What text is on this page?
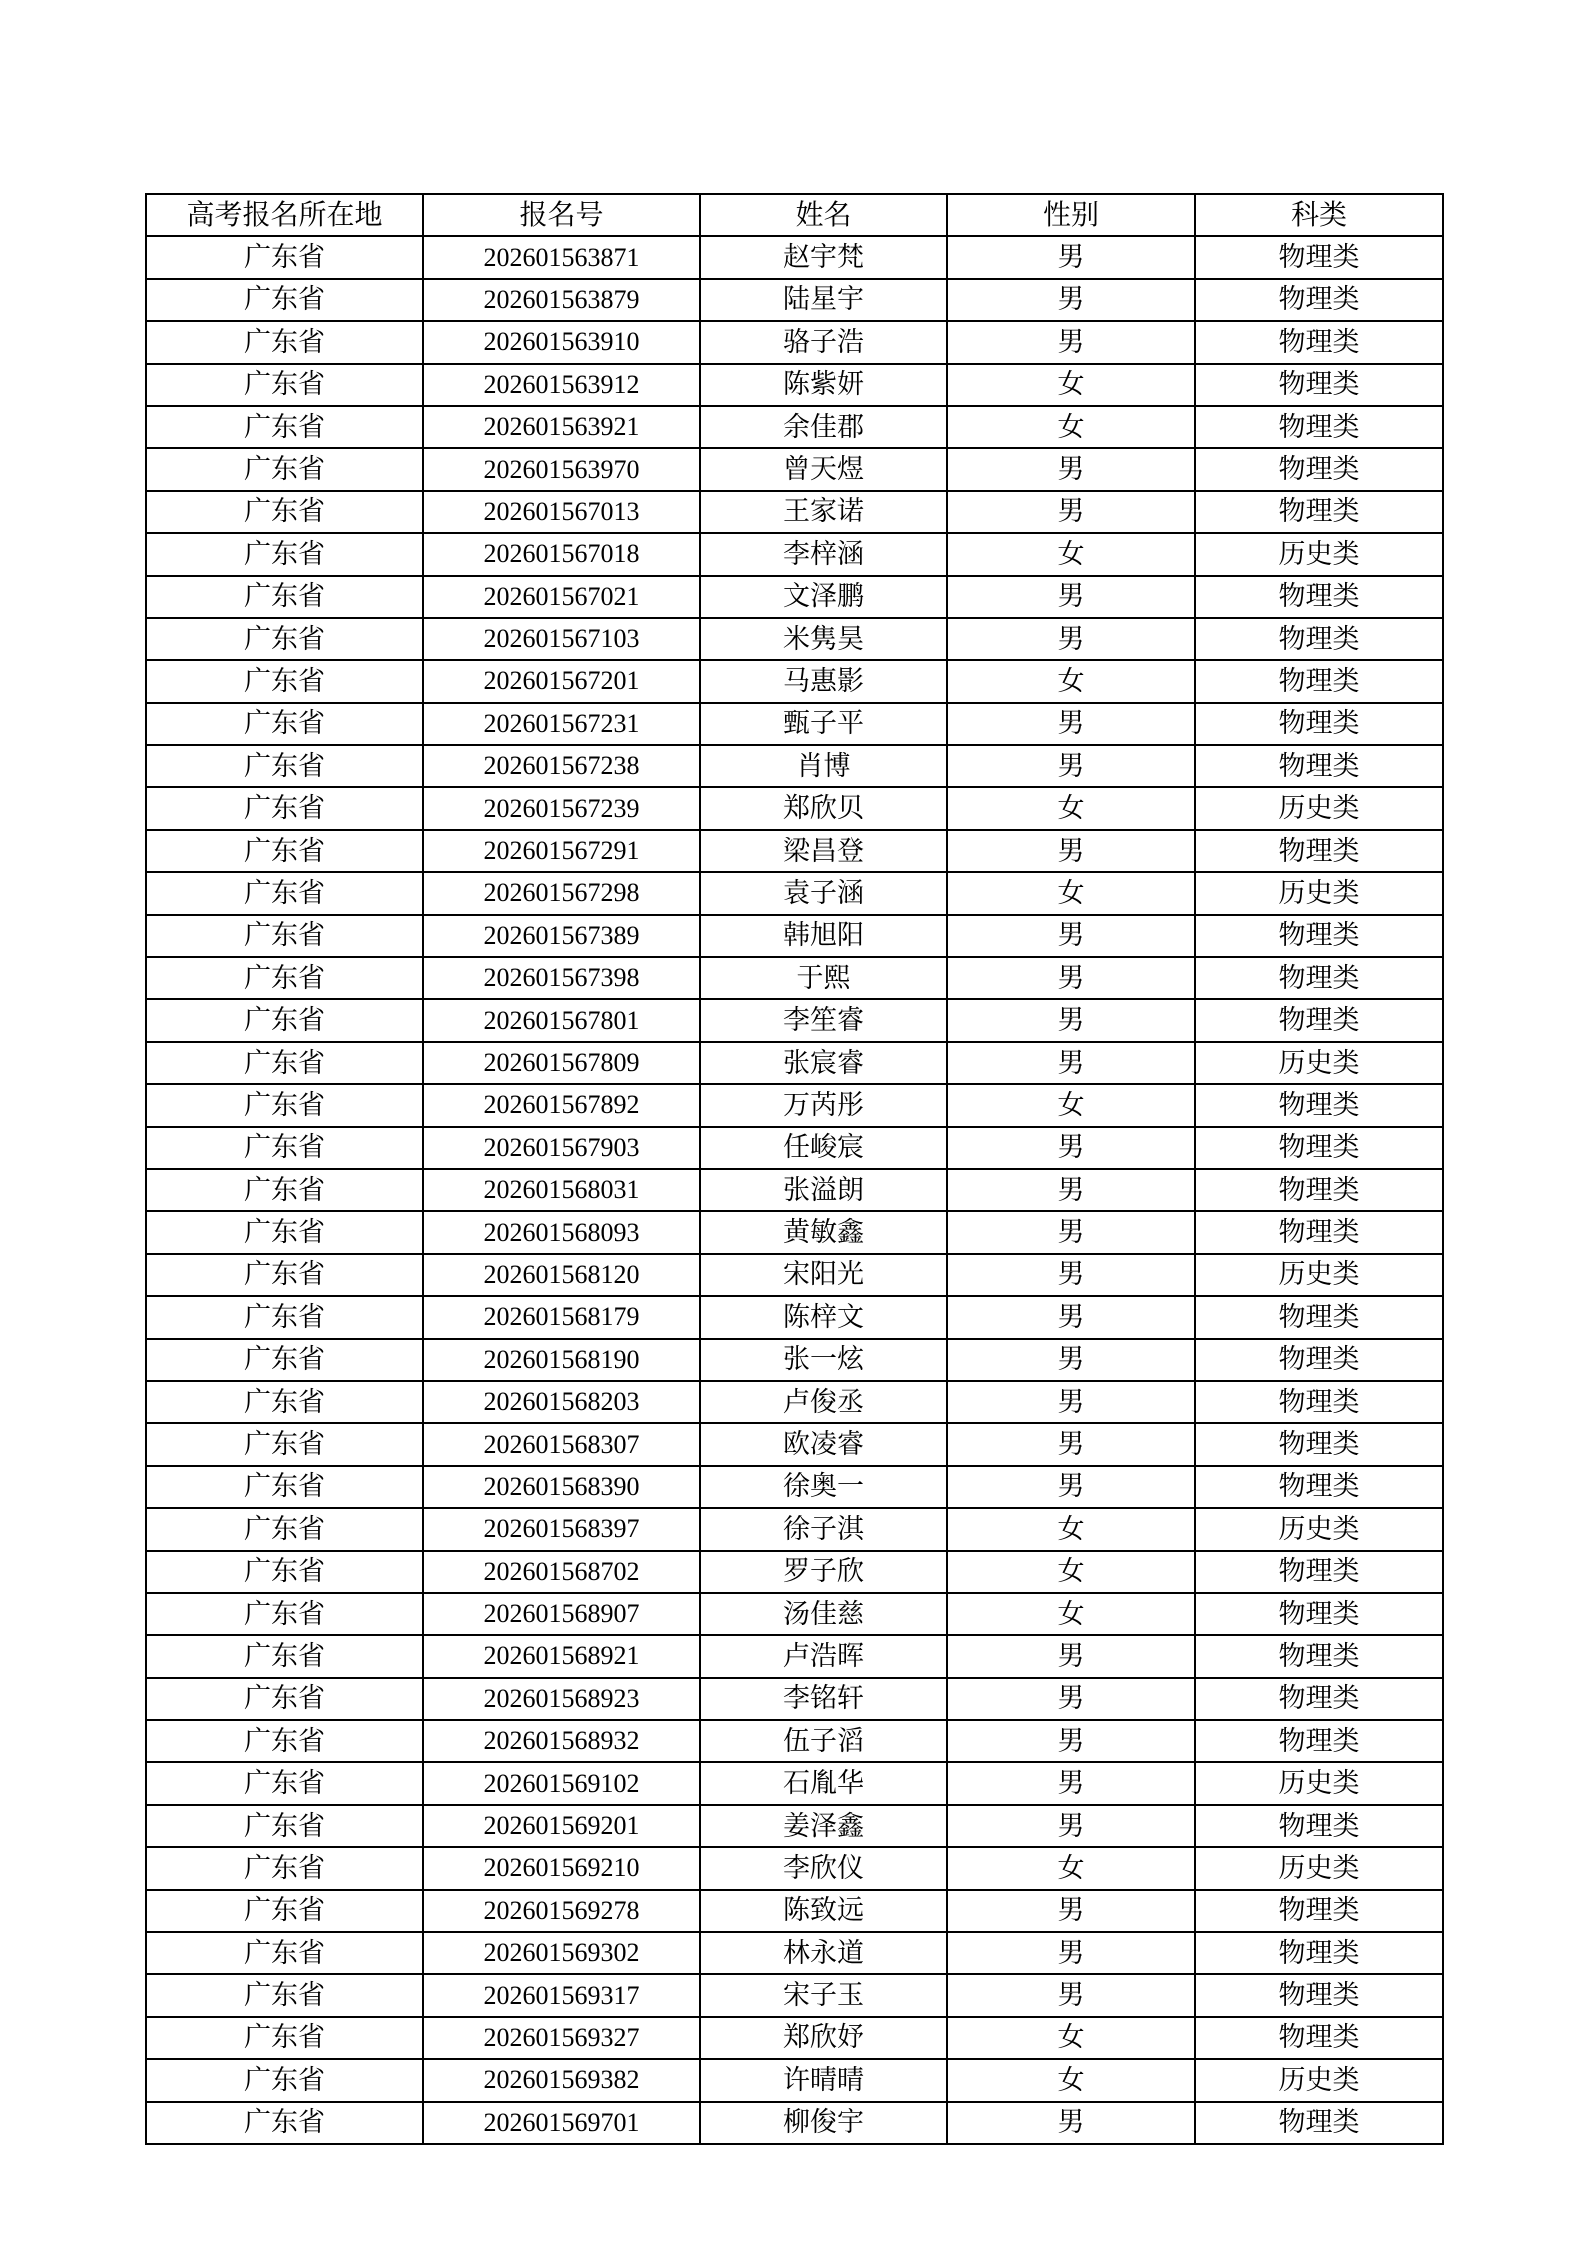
高考报名所在地	报名号	姓名	性别	科类
广东省	202601563871	赵宇梵	男	物理类
广东省	202601563879	陆星宇	男	物理类
广东省	202601563910	骆子浩	男	物理类
广东省	202601563912	陈紫妍	女	物理类
广东省	202601563921	余佳郡	女	物理类
广东省	202601563970	曾天煜	男	物理类
广东省	202601567013	王家诺	男	物理类
广东省	202601567018	李梓涵	女	历史类
广东省	202601567021	文泽鹏	男	物理类
广东省	202601567103	米隽昊	男	物理类
广东省	202601567201	马惠影	女	物理类
广东省	202601567231	甄子平	男	物理类
广东省	202601567238	肖博	男	物理类
广东省	202601567239	郑欣贝	女	历史类
广东省	202601567291	梁昌登	男	物理类
广东省	202601567298	袁子涵	女	历史类
广东省	202601567389	韩旭阳	男	物理类
广东省	202601567398	于熙	男	物理类
广东省	202601567801	李笙睿	男	物理类
广东省	202601567809	张宸睿	男	历史类
广东省	202601567892	万芮彤	女	物理类
广东省	202601567903	任峻宸	男	物理类
广东省	202601568031	张溢朗	男	物理类
广东省	202601568093	黄敏鑫	男	物理类
广东省	202601568120	宋阳光	男	历史类
广东省	202601568179	陈梓文	男	物理类
广东省	202601568190	张一炫	男	物理类
广东省	202601568203	卢俊丞	男	物理类
广东省	202601568307	欧凌睿	男	物理类
广东省	202601568390	徐奥一	男	物理类
广东省	202601568397	徐子淇	女	历史类
广东省	202601568702	罗子欣	女	物理类
广东省	202601568907	汤佳慈	女	物理类
广东省	202601568921	卢浩晖	男	物理类
广东省	202601568923	李铭轩	男	物理类
广东省	202601568932	伍子滔	男	物理类
广东省	202601569102	石胤华	男	历史类
广东省	202601569201	姜泽鑫	男	物理类
广东省	202601569210	李欣仪	女	历史类
广东省	202601569278	陈致远	男	物理类
广东省	202601569302	林永道	男	物理类
广东省	202601569317	宋子玉	男	物理类
广东省	202601569327	郑欣妤	女	物理类
广东省	202601569382	许晴晴	女	历史类
广东省	202601569701	柳俊宇	男	物理类
